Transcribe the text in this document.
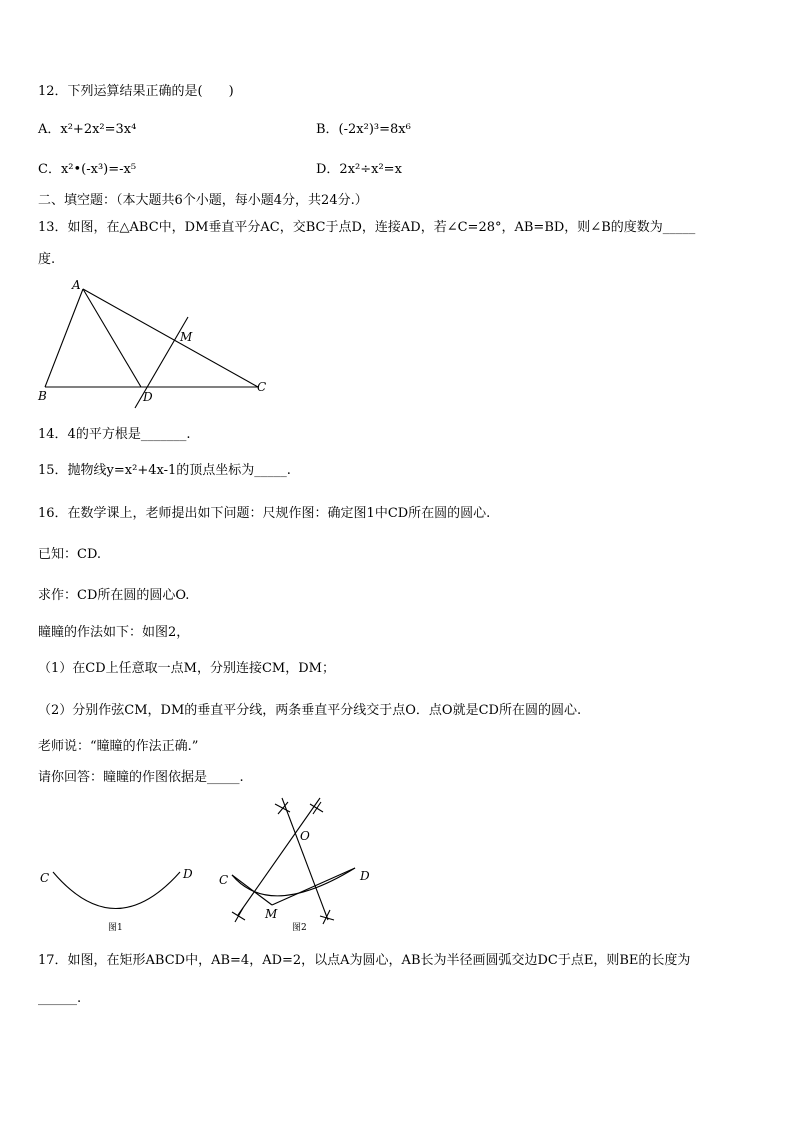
12．下列运算结果正确的是(　　)
A．x²+2x²=3x⁴	B．(-2x²)³=8x⁶
C．x²•(-x³)=-x⁵	D．2x²÷x²=x
二、填空题：（本大题共6个小题，每小题4分，共24分.）
13．如图，在△ABC中，DM垂直平分AC，交BC于点D，连接AD，若∠C=28°，AB=BD，则∠B的度数为_____
度.
A
B
C
D
M
14．4的平方根是_______.
15．抛物线y=x²+4x-1的顶点坐标为_____.
16．在数学课上，老师提出如下问题：尺规作图：确定图1中CD所在圆的圆心.
已知：CD.
求作：CD所在圆的圆心O.
瞳瞳的作法如下：如图2，
（1）在CD上任意取一点M，分别连接CM，DM；
（2）分别作弦CM，DM的垂直平分线，两条垂直平分线交于点O．点O就是CD所在圆的圆心.
老师说：“瞳瞳的作法正确.”
请你回答：瞳瞳的作图依据是_____.
C	D
图1
O
C	D
M
图2
17．如图，在矩形ABCD中，AB=4，AD=2，以点A为圆心，AB长为半径画圆弧交边DC于点E，则BE的长度为
______.
